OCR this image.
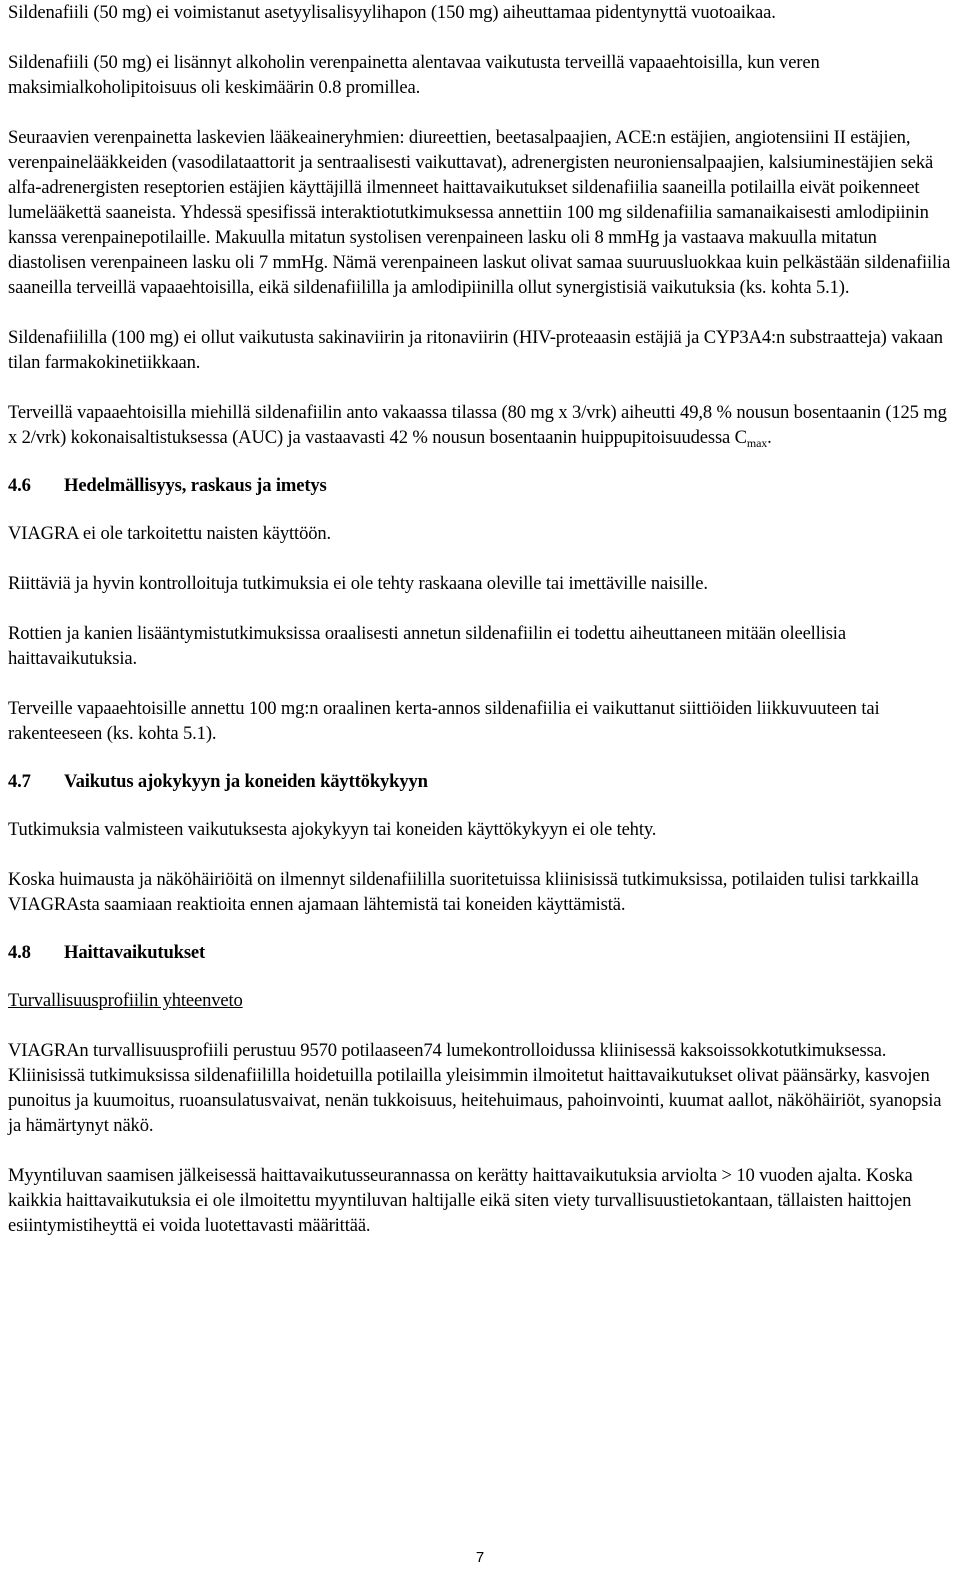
Sildenafiili (50 mg) ei voimistanut asetyylisalisyylihapon (150 mg) aiheuttamaa pidentynyttä vuotoaikaa.

Sildenafiili (50 mg) ei lisännyt alkoholin verenpainetta alentavaa vaikutusta terveillä vapaaehtoisilla, kun veren maksimialkoholipitoisuus oli keskimäärin 0.8 promillea.

Seuraavien verenpainetta laskevien lääkeaineryhmien: diureettien, beetasalpaajien, ACE:n estäjien, angiotensiini II estäjien, verenpainelääkkeiden (vasodilataattorit ja sentraalisesti vaikuttavat), adrenergisten neuroniensalpaajien, kalsiuminestäjien sekä alfa-adrenergisten reseptorien estäjien käyttäjillä ilmenneet haittavaikutukset sildenafiilia saaneilla potilailla eivät poikenneet lumelääkettä saaneista. Yhdessä spesifissä interaktiotutkimuksessa annettiin 100 mg sildenafiilia samanaikaisesti amlodipiinin kanssa verenpainepotilaille. Makuulla mitatun systolisen verenpaineen lasku oli 8 mmHg ja vastaava makuulla mitatun diastolisen verenpaineen lasku oli 7 mmHg. Nämä verenpaineen laskut olivat samaa suuruusluokkaa kuin pelkästään sildenafiilia saaneilla terveillä vapaaehtoisilla, eikä sildenafiililla ja amlodipiinilla ollut synergistisiä vaikutuksia (ks. kohta 5.1).

Sildenafiililla (100 mg) ei ollut vaikutusta sakinaviirin ja ritonaviirin (HIV-proteaasin estäjiä ja CYP3A4:n substraatteja) vakaan tilan farmakokinetiikkaan.

Terveillä vapaaehtoisilla miehillä sildenafiilin anto vakaassa tilassa (80 mg x 3/vrk) aiheutti 49,8 % nousun bosentaanin (125 mg x 2/vrk) kokonaisaltistuksessa (AUC) ja vastaavasti 42 % nousun bosentaanin huippupitoisuudessa $C_{max}$.

4.6 Hedelmällisyys, raskaus ja imetys

VIAGRA ei ole tarkoitettu naisten käyttöön.

Riittäviä ja hyvin kontrolloituja tutkimuksia ei ole tehty raskaana oleville tai imettäville naisille.

Rottien ja kanien lisääntymistutkimuksissa oraalisesti annetun sildenafiilin ei todettu aiheuttaneen mitään oleellisia haittavaikutuksia.

Terveille vapaaehtoisille annettu 100 mg:n oraalinen kerta-annos sildenafiilia ei vaikuttanut siittiöiden liikkuvuuteen tai rakenteeseen (ks. kohta 5.1).

4.7 Vaikutus ajokykyyn ja koneiden käyttökykyyn

Tutkimuksia valmisteen vaikutuksesta ajokykyyn tai koneiden käyttökykyyn ei ole tehty.

Koska huimausta ja näköhäiriöitä on ilmennyt sildenafiililla suoritetuissa kliinisissä tutkimuksissa, potilaiden tulisi tarkkailla VIAGRAsta saamiaan reaktioita ennen ajamaan lähtemistä tai koneiden käyttämistä.

4.8 Haittavaikutukset

Turvallisuusprofiilin yhteenveto

VIAGRAn turvallisuusprofiili perustuu 9570 potilaaseen74 lumekontrolloidussa kliinisessä kaksoissokkotutkimuksessa. Kliinisissä tutkimuksissa sildenafiililla hoidetuilla potilailla yleisimmin ilmoitetut haittavaikutukset olivat päänsärky, kasvojen punoitus ja kuumoitus, ruoansulatusvaivat, nenän tukkoisuus, heitehuimaus, pahoinvointi, kuumat aallot, näköhäiriöt, syanopsia ja hämärtynyt näkö.

Myyntiluvan saamisen jälkeisessä haittavaikutusseurannassa on kerätty haittavaikutuksia arviolta > 10 vuoden ajalta. Koska kaikkia haittavaikutuksia ei ole ilmoitettu myyntiluvan haltijalle eikä siten viety turvallisuustietokantaan, tällaisten haittojen esiintymistiheyttä ei voida luotettavasti määrittää.

7
